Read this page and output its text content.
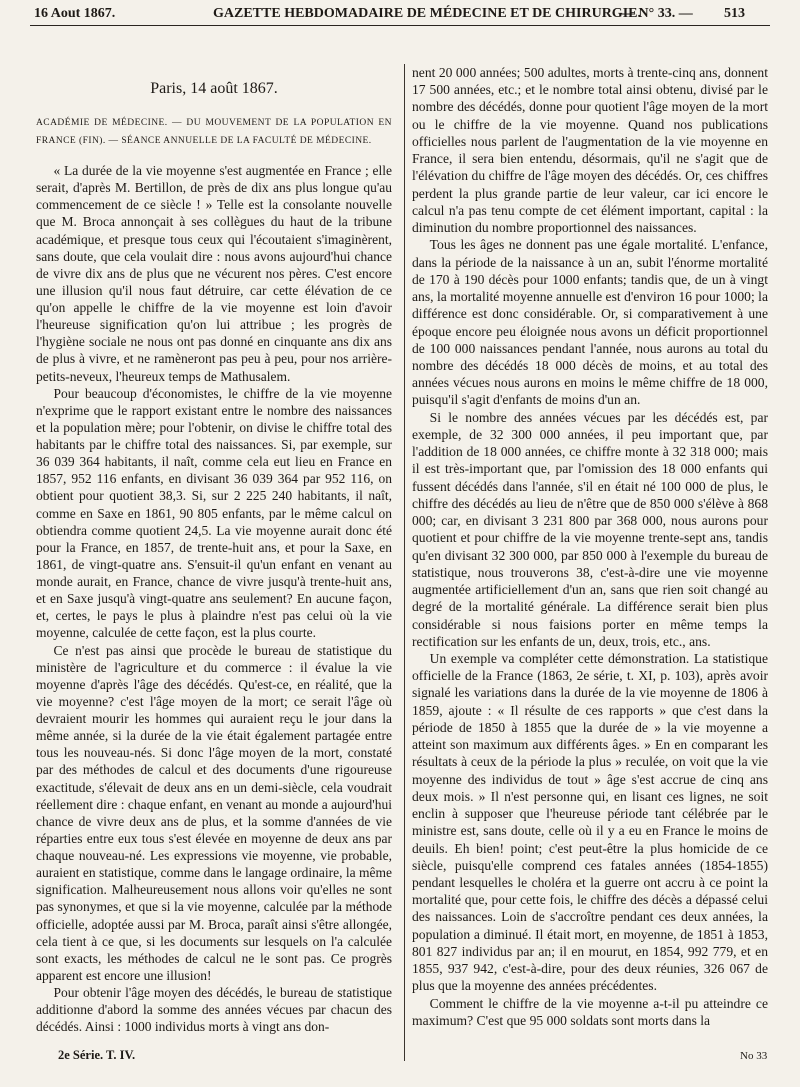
16 Aout 1867.	GAZETTE HEBDOMADAIRE DE MÉDECINE ET DE CHIRURGIE.
— N° 33. — 513
Paris, 14 août 1867.
ACADÉMIE DE MÉDECINE. — DU MOUVEMENT DE LA POPULATION EN FRANCE (FIN). — SÉANCE ANNUELLE DE LA FACULTÉ DE MÉDECINE.

« La durée de la vie moyenne s'est augmentée en France ; elle serait, d'après M. Bertillon, de près de dix ans plus longue qu'au commencement de ce siècle ! » Telle est la consolante nouvelle que M. Broca annonçait à ses collègues du haut de la tribune académique, et presque tous ceux qui l'écoutaient s'imaginèrent, sans doute, que cela voulait dire : nous avons aujourd'hui chance de vivre dix ans de plus que ne vécurent nos pères. C'est encore une illusion qu'il nous faut détruire, car cette élévation de ce qu'on appelle le chiffre de la vie moyenne est loin d'avoir l'heureuse signification qu'on lui attribue ; les progrès de l'hygiène sociale ne nous ont pas donné en cinquante ans dix ans de plus à vivre, et ne ramèneront pas peu à peu, pour nos arrière-petits-neveux, l'heureux temps de Mathusalem.

Pour beaucoup d'économistes, le chiffre de la vie moyenne n'exprime que le rapport existant entre le nombre des naissances et la population mère; pour l'obtenir, on divise le chiffre total des habitants par le chiffre total des naissances. Si, par exemple, sur 36 039 364 habitants, il naît, comme cela eut lieu en France en 1857, 952 116 enfants, en divisant 36 039 364 par 952 116, on obtient pour quotient 38,3. Si, sur 2 225 240 habitants, il naît, comme en Saxe en 1861, 90 805 enfants, par le même calcul on obtiendra comme quotient 24,5. La vie moyenne aurait donc été pour la France, en 1857, de trente-huit ans, et pour la Saxe, en 1861, de vingt-quatre ans. S'ensuit-il qu'un enfant en venant au monde aurait, en France, chance de vivre jusqu'à trente-huit ans, et en Saxe jusqu'à vingt-quatre ans seulement? En aucune façon, et, certes, le pays le plus à plaindre n'est pas celui où la vie moyenne, calculée de cette façon, est la plus courte.

Ce n'est pas ainsi que procède le bureau de statistique du ministère de l'agriculture et du commerce : il évalue la vie moyenne d'après l'âge des décédés. Qu'est-ce, en réalité, que la vie moyenne? c'est l'âge moyen de la mort; ce serait l'âge où devraient mourir les hommes qui auraient reçu le jour dans la même année, si la durée de la vie était également partagée entre tous les nouveau-nés. Si donc l'âge moyen de la mort, constaté par des méthodes de calcul et des documents d'une rigoureuse exactitude, s'élevait de deux ans en un demi-siècle, cela voudrait réellement dire : chaque enfant, en venant au monde a aujourd'hui chance de vivre deux ans de plus, et la somme d'années de vie réparties entre eux tous s'est élevée en moyenne de deux ans par chaque nouveau-né. Les expressions vie moyenne, vie probable, auraient en statistique, comme dans le langage ordinaire, la même signification. Malheureusement nous allons voir qu'elles ne sont pas synonymes, et que si la vie moyenne, calculée par la méthode officielle, adoptée aussi par M. Broca, paraît ainsi s'être allongée, cela tient à ce que, si les documents sur lesquels on l'a calculée sont exacts, les méthodes de calcul ne le sont pas. Ce progrès apparent est encore une illusion!

Pour obtenir l'âge moyen des décédés, le bureau de statistique additionne d'abord la somme des années vécues par chacun des décédés. Ainsi : 1000 individus morts à vingt ans don-

nent 20 000 années; 500 adultes, morts à trente-cinq ans, donnent 17 500 années, etc.; et le nombre total ainsi obtenu, divisé par le nombre des décédés, donne pour quotient l'âge moyen de la mort ou le chiffre de la vie moyenne. Quand nos publications officielles nous parlent de l'augmentation de la vie moyenne en France, il sera bien entendu, désormais, qu'il ne s'agit que de l'élévation du chiffre de l'âge moyen des décédés. Or, ces chiffres perdent la plus grande partie de leur valeur, car ici encore le calcul n'a pas tenu compte de cet élément important, capital : la diminution du nombre proportionnel des naissances.

Tous les âges ne donnent pas une égale mortalité. L'enfance, dans la période de la naissance à un an, subit l'énorme mortalité de 170 à 190 décès pour 1000 enfants; tandis que, de un à vingt ans, la mortalité moyenne annuelle est d'environ 16 pour 1000; la différence est donc considérable. Or, si comparativement à une époque encore peu éloignée nous avons un déficit proportionnel de 100 000 naissances pendant l'année, nous aurons au total du nombre des décédés 18 000 décès de moins, et au total des années vécues nous aurons en moins le même chiffre de 18 000, puisqu'il s'agit d'enfants de moins d'un an.

Si le nombre des années vécues par les décédés est, par exemple, de 32 300 000 années, il peu important que, par l'addition de 18 000 années, ce chiffre monte à 32 318 000; mais il est très-important que, par l'omission des 18 000 enfants qui fussent décédés dans l'année, s'il en était né 100 000 de plus, le chiffre des décédés au lieu de n'être que de 850 000 s'élève à 868 000; car, en divisant 3 231 800 par 368 000, nous aurons pour quotient et pour chiffre de la vie moyenne trente-sept ans, tandis qu'en divisant 32 300 000, par 850 000 à l'exemple du bureau de statistique, nous trouverons 38, c'est-à-dire une vie moyenne augmentée artificiellement d'un an, sans que rien soit changé au degré de la mortalité générale. La différence serait bien plus considérable si nous faisions porter en même temps la rectification sur les enfants de un, deux, trois, etc., ans.

Un exemple va compléter cette démonstration. La statistique officielle de la France (1863, 2e série, t. XI, p. 103), après avoir signalé les variations dans la durée de la vie moyenne de 1806 à 1859, ajoute : « Il résulte de ces rapports » que c'est dans la période de 1850 à 1855 que la durée de » la vie moyenne a atteint son maximum aux différents âges. » En en comparant les résultats à ceux de la période la plus » reculée, on voit que la vie moyenne des individus de tout » âge s'est accrue de cinq ans deux mois. » Il n'est personne qui, en lisant ces lignes, ne soit enclin à supposer que l'heureuse période tant célébrée par le ministre est, sans doute, celle où il y a eu en France le moins de deuils. Eh bien! point; c'est peut-être la plus homicide de ce siècle, puisqu'elle comprend ces fatales années (1854-1855) pendant lesquelles le choléra et la guerre ont accru à ce point la mortalité que, pour cette fois, le chiffre des décès a dépassé celui des naissances. Loin de s'accroître pendant ces deux années, la population a diminué. Il était mort, en moyenne, de 1851 à 1853, 801 827 individus par an; il en mourut, en 1854, 992 779, et en 1855, 937 942, c'est-à-dire, pour des deux réunies, 326 067 de plus que la moyenne des années précédentes.

Comment le chiffre de la vie moyenne a-t-il pu atteindre ce maximum? C'est que 95 000 soldats sont morts dans la

2e Série. T. IV.	No 33
